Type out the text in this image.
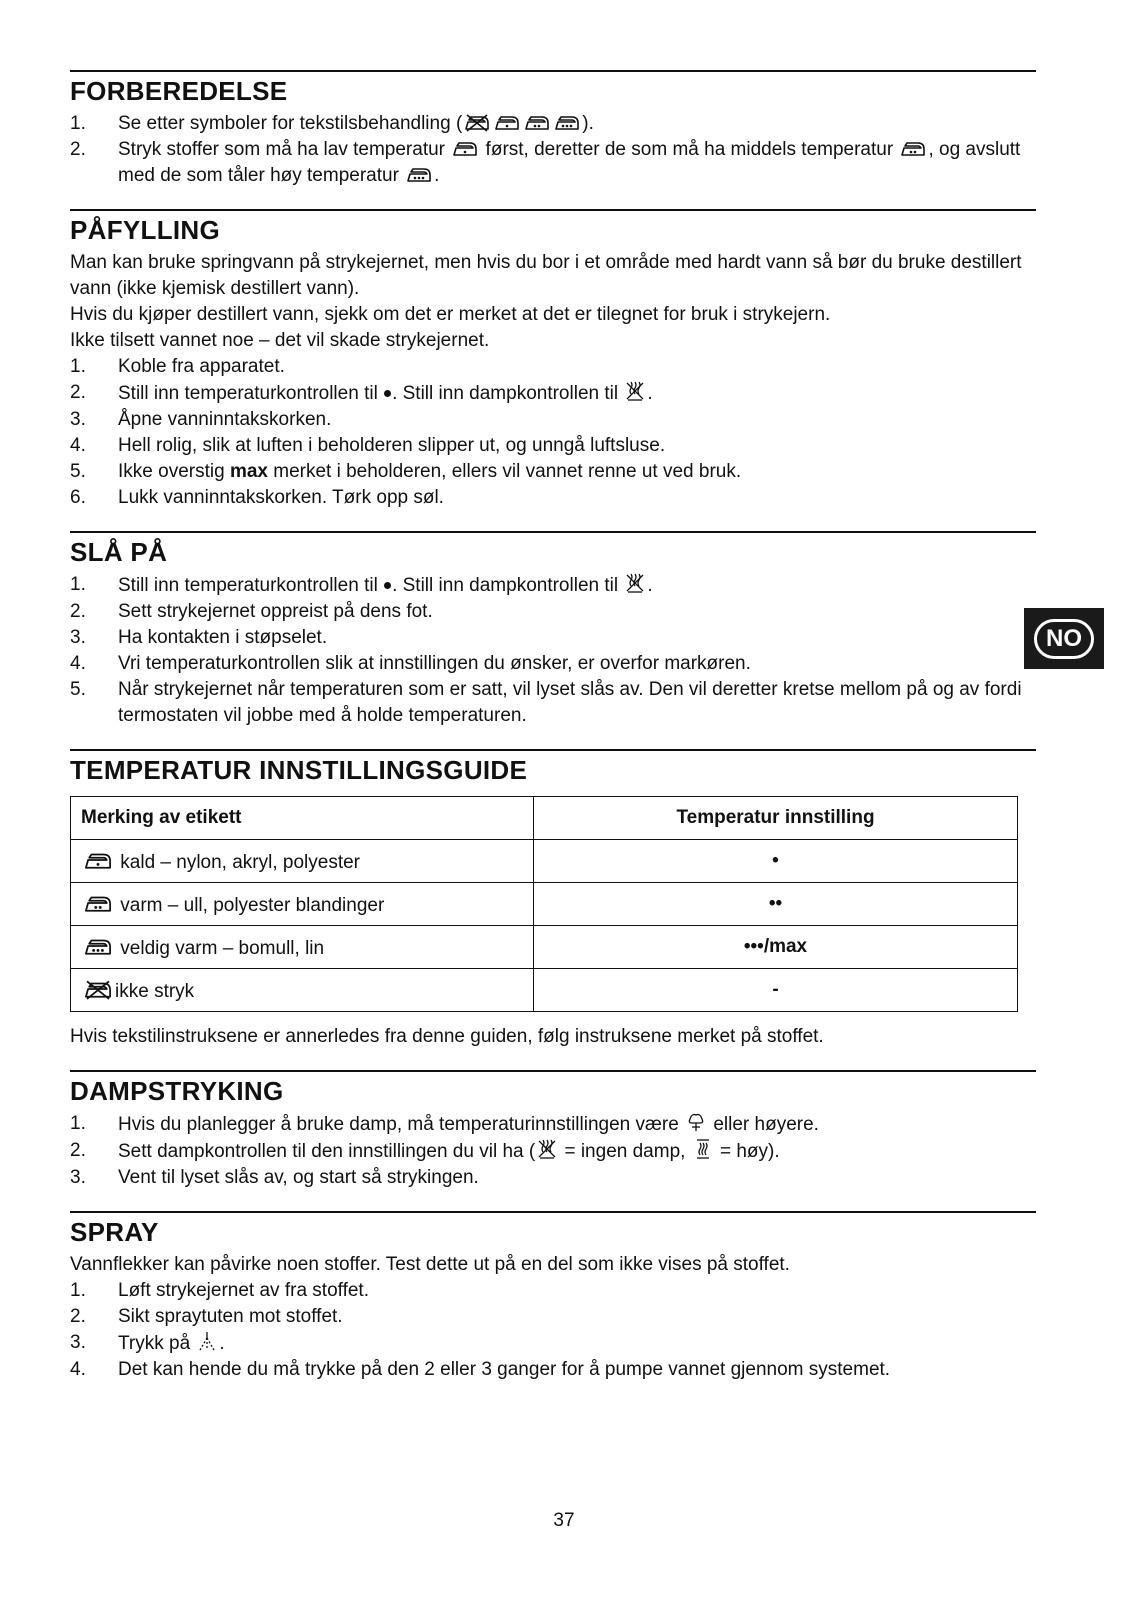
FORBEREDELSE
1.	Se etter symboler for tekstilsbehandling (	).
2.	Stryk stoffer som må ha lav temperatur
først, deretter de som må ha middels temperatur
, og avslutt med de som tåler høy temperatur
.
PÅFYLLING

Man kan bruke springvann på strykejernet, men hvis du bor i et område med hardt vann så bør du bruke destillert vann (ikke kjemisk destillert vann).

Hvis du kjøper destillert vann, sjekk om det er merket at det er tilegnet for bruk i strykejern.

Ikke tilsett vannet noe – det vil skade strykejernet.

1.	Koble fra apparatet.
2.	Still inn temperaturkontrollen til . Still inn dampkontrollen til
.
3.	Åpne vanninntakskorken.
4.	Hell rolig, slik at luften i beholderen slipper ut, og unngå luftsluse.
5.	Ikke overstig max merket i beholderen, ellers vil vannet renne ut ved bruk.
6.	Lukk vanninntakskorken. Tørk opp søl.
SLÅ PÅ
1.	Still inn temperaturkontrollen til . Still inn dampkontrollen til
.
2.	Sett strykejernet oppreist på dens fot.
3.	Ha kontakten i støpselet.
4.	Vri temperaturkontrollen slik at innstillingen du ønsker, er overfor markøren.
5.	Når strykejernet når temperaturen som er satt, vil lyset slås av. Den vil deretter kretse mellom på og av fordi termostaten vil jobbe med å holde temperaturen.
TEMPERATUR INNSTILLINGSGUIDE
Merking av etikett	Temperatur innstilling

kald – nylon, akryl, polyester	•

varm – ull, polyester blandinger	••

veldig varm – bomull, lin	•••/max

ikke stryk	-

Hvis tekstilinstruksene er annerledes fra denne guiden, følg instruksene merket på stoffet.

DAMPSTRYKING
1.	Hvis du planlegger å bruke damp, må temperaturinnstillingen være
eller høyere.
2.	Sett dampkontrollen til den innstillingen du vil ha (
= ingen damp,
= høy).
3.	Vent til lyset slås av, og start så strykingen.
SPRAY

Vannflekker kan påvirke noen stoffer. Test dette ut på en del som ikke vises på stoffet.

1.	Løft strykejernet av fra stoffet.
2.	Sikt spraytuten mot stoffet.
3.	Trykk på
.
4.	Det kan hende du må trykke på den 2 eller 3 ganger for å pumpe vannet gjennom systemet.
NO
37
